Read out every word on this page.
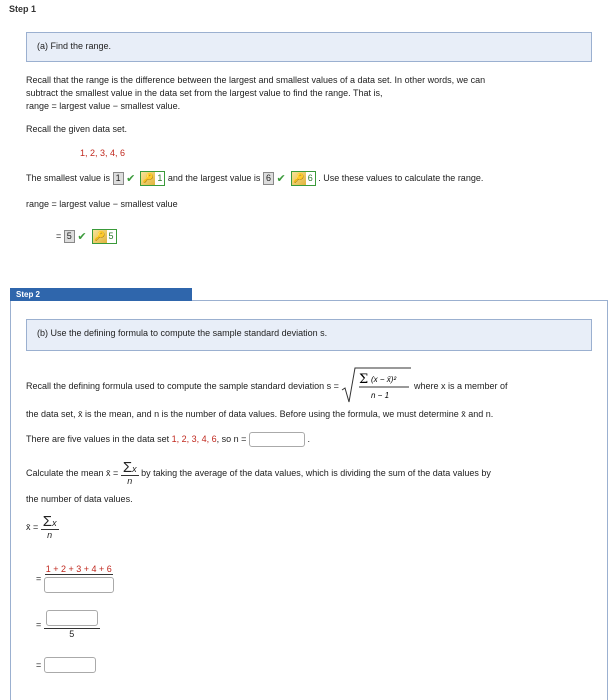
Step 1
(a) Find the range.
Recall that the range is the difference between the largest and smallest values of a data set. In other words, we can
subtract the smallest value in the data set from the largest value to find the range. That is,
range = largest value − smallest value.
Recall the given data set.
1, 2, 3, 4, 6
The smallest value is 1 ✔ 🔑 1 and the largest value is 6 ✔ 🔑 6 . Use these values to calculate the range.
range = largest value − smallest value
= 5 ✔ 🔑 5
Step 2
(b) Use the defining formula to compute the sample standard deviation s.
Recall the defining formula used to compute the sample standard deviation s = Σ (x − x̄)²
n − 1
where x is a member of
the data set, x̄ is the mean, and n is the number of data values. Before using the formula, we must determine x̄ and n.
There are five values in the data set 1, 2, 3, 4, 6, so n =	.
Calculate the mean x̄ = $\frac{\Sigma x}{n}$ by taking the average of the data values, which is dividing the sum of the data values by
the number of data values.
x̄ = $\frac{\Sigma x}{n}$
=
1 + 2 + 3 + 4 + 6
=
5
=
